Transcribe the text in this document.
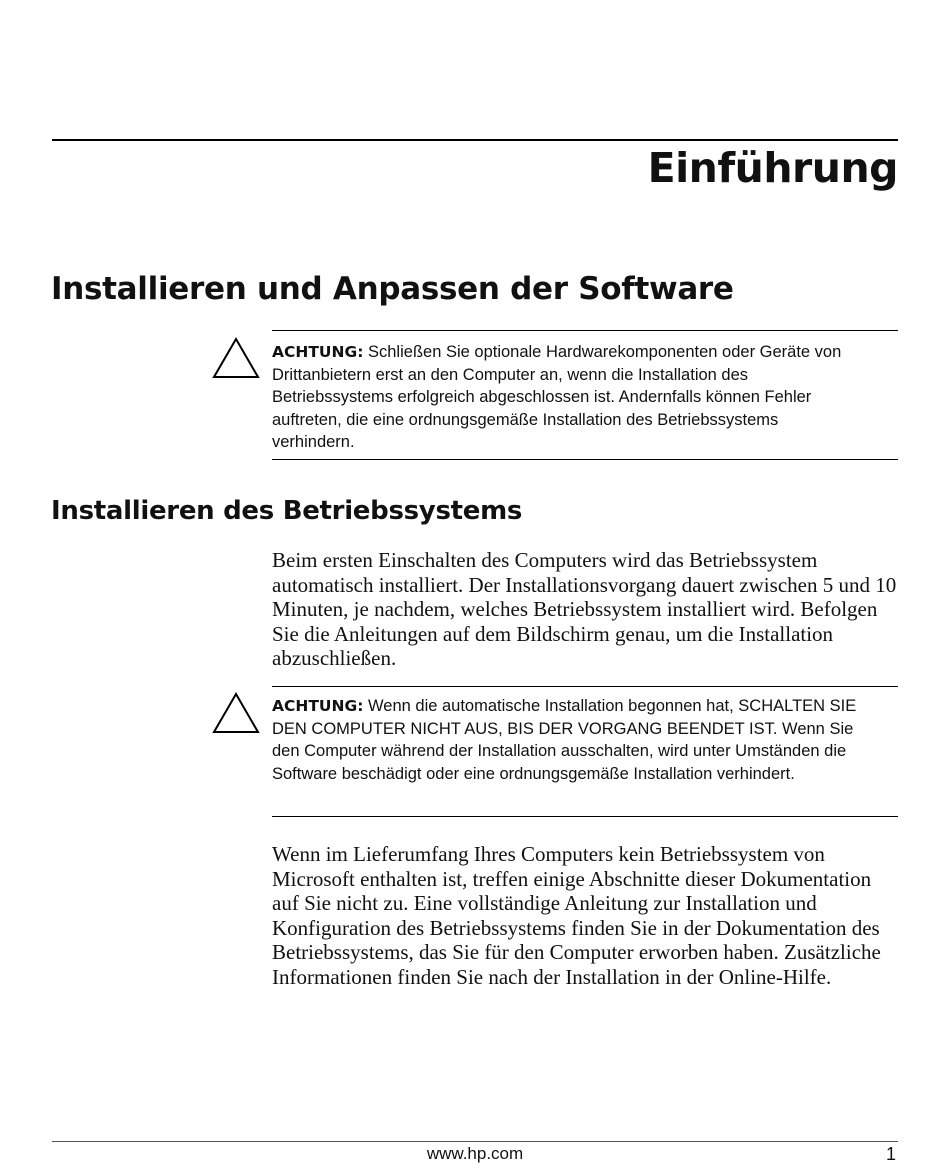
Einführung
Installieren und Anpassen der Software

ACHTUNG: Schließen Sie optionale Hardwarekomponenten oder Geräte von Drittanbietern erst an den Computer an, wenn die Installation des Betriebssystems erfolgreich abgeschlossen ist. Andernfalls können Fehler auftreten, die eine ordnungsgemäße Installation des Betriebssystems verhindern.

Installieren des Betriebssystems

Beim ersten Einschalten des Computers wird das Betriebssystem automatisch installiert. Der Installationsvorgang dauert zwischen 5 und 10 Minuten, je nachdem, welches Betriebssystem installiert wird. Befolgen Sie die Anleitungen auf dem Bildschirm genau, um die Installation abzuschließen.

ACHTUNG: Wenn die automatische Installation begonnen hat, SCHALTEN SIE DEN COMPUTER NICHT AUS, BIS DER VORGANG BEENDET IST. Wenn Sie den Computer während der Installation ausschalten, wird unter Umständen die Software beschädigt oder eine ordnungsgemäße Installation verhindert.

Wenn im Lieferumfang Ihres Computers kein Betriebssystem von Microsoft enthalten ist, treffen einige Abschnitte dieser Dokumentation auf Sie nicht zu. Eine vollständige Anleitung zur Installation und Konfiguration des Betriebssystems finden Sie in der Dokumentation des Betriebssystems, das Sie für den Computer erworben haben. Zusätzliche Informationen finden Sie nach der Installation in der Online-Hilfe.

www.hp.com	1
